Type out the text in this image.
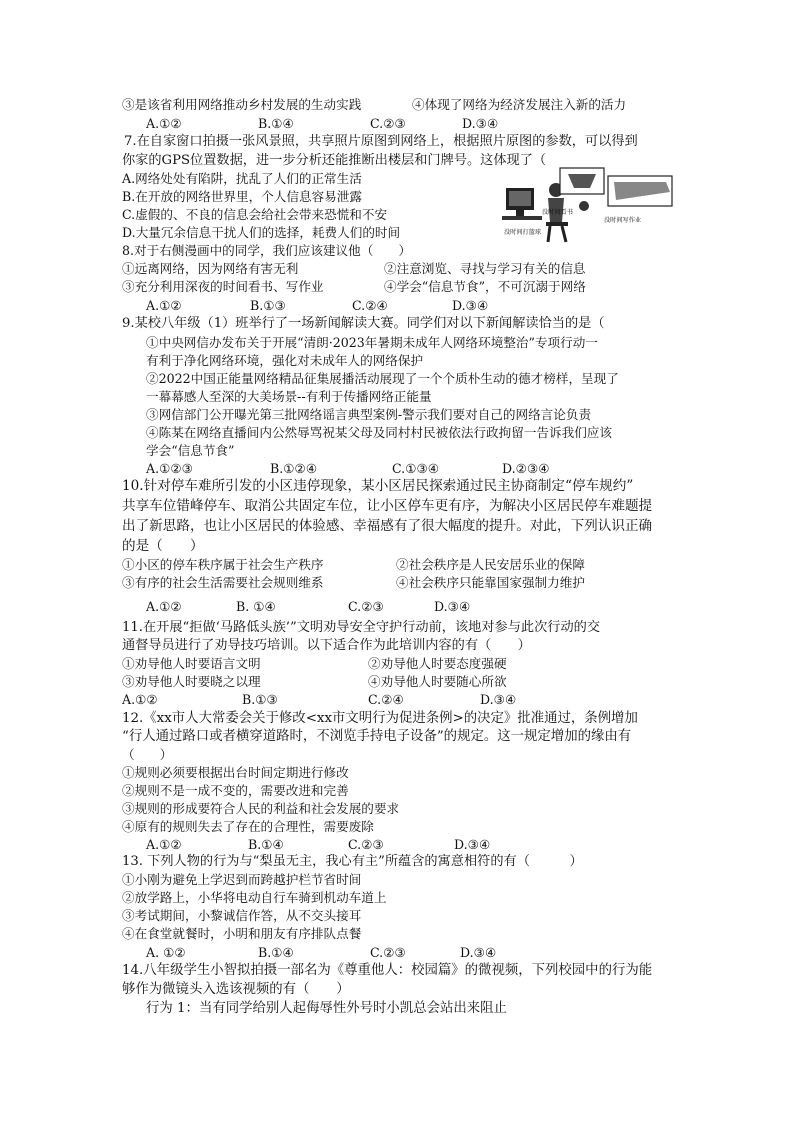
③是该省利用网络推动乡村发展的生动实践	④体现了网络为经济发展注入新的活力
A.①②	B.①④	C.②③	D.③④
7.在自家窗口拍摄一张风景照，共享照片原图到网络上，根据照片原图的参数，可以得到
你家的GPS位置数据，进一步分析还能推断出楼层和门牌号。这体现了（
A.网络处处有陷阱，扰乱了人们的正常生活
B.在开放的网络世界里，个人信息容易泄露
C.虚假的、不良的信息会给社会带来恐慌和不安
D.大量冗余信息干扰人们的选择，耗费人们的时间
没时间看书
没时间写作业
没时间打篮球
8.对于右侧漫画中的同学，我们应该建议他（　　）
①远离网络，因为网络有害无利	②注意浏览、寻找与学习有关的信息
③充分利用深夜的时间看书、写作业	④学会“信息节食”，不可沉溺于网络
A.①②	B.①③	C.②④	D.③④
9.某校八年级（1）班举行了一场新闻解读大赛。同学们对以下新闻解读恰当的是（
①中央网信办发布关于开展“清朗·2023年暑期未成年人网络环境整治”专项行动一
有利于净化网络环境，强化对未成年人的网络保护
②2022中国正能量网络精品征集展播活动展现了一个个质朴生动的德才榜样，呈现了
一幕幕感人至深的大美场景--有利于传播网络正能量
③网信部门公开曝光第三批网络谣言典型案例-警示我们要对自己的网络言论负责
④陈某在网络直播间内公然辱骂祝某父母及同村村民被依法行政拘留一告诉我们应该
学会“信息节食”
A.①②③	B.①②④	C.①③④	D.②③④
10.针对停车难所引发的小区违停现象，某小区居民探索通过民主协商制定“停车规约”
共享车位错峰停车、取消公共固定车位，让小区停车更有序，为解决小区居民停车难题提
出了新思路，也让小区居民的体验感、幸福感有了很大幅度的提升。对此，下列认识正确
的是（　　）
①小区的停车秩序属于社会生产秩序	②社会秩序是人民安居乐业的保障
③有序的社会生活需要社会规则维系	④社会秩序只能靠国家强制力维护
A.①②	B. ①④	C.②③	D.③④
11.在开展“拒做‘马路低头族’”文明劝导安全守护行动前，该地对参与此次行动的交
通督导员进行了劝导技巧培训。以下适合作为此培训内容的有（　　）
①劝导他人时要语言文明	②劝导他人时要态度强硬
③劝导他人时要晓之以理	④劝导他人时要随心所欲
A.①②	B.①③	C.②④	D.③④
12.《xx市人大常委会关于修改<xx市文明行为促进条例>的决定》批准通过，条例增加
“行人通过路口或者横穿道路时，不浏览手持电子设备”的规定。这一规定增加的缘由有
（　　）
①规则必须要根据出台时间定期进行修改
②规则不是一成不变的，需要改进和完善
③规则的形成要符合人民的利益和社会发展的要求
④原有的规则失去了存在的合理性，需要废除
A.①②	B.①④	C.②③	D.③④
13. 下列人物的行为与“梨虽无主，我心有主”所蕴含的寓意相符的有（　　　）
①小刚为避免上学迟到而跨越护栏节省时间
②放学路上，小华将电动自行车骑到机动车道上
③考试期间，小黎诚信作答，从不交头接耳
④在食堂就餐时，小明和朋友有序排队点餐
A. ①②	B.①④	C.②③	D.③④
14.八年级学生小智拟拍摄一部名为《尊重他人：校园篇》的微视频，下列校园中的行为能
够作为微镜头入选该视频的有（　　）
行为 1：当有同学给别人起侮辱性外号时小凯总会站出来阻止
